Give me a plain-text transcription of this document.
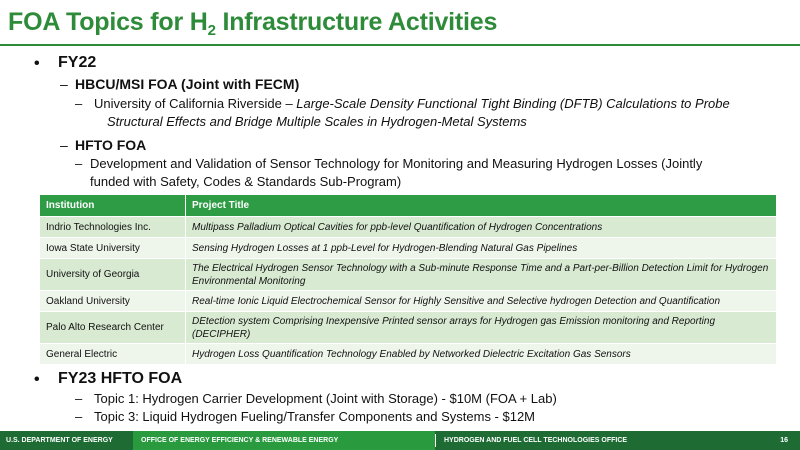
FOA Topics for $H_2$ Infrastructure Activities
• FY22
– HBCU/MSI FOA (Joint with FECM)
– University of California Riverside – Large-Scale Density Functional Tight Binding (DFTB) Calculations to Probe
Structural Effects and Bridge Multiple Scales in Hydrogen-Metal Systems
– HFTO FOA
– Development and Validation of Sensor Technology for Monitoring and Measuring Hydrogen Losses (Jointly
funded with Safety, Codes & Standards Sub-Program)
Institution	Project Title
Indrio Technologies Inc.	Multipass Palladium Optical Cavities for ppb-level Quantification of Hydrogen Concentrations
Iowa State University	Sensing Hydrogen Losses at 1 ppb-Level for Hydrogen-Blending Natural Gas Pipelines
University of Georgia	The Electrical Hydrogen Sensor Technology with a Sub-minute Response Time and a Part-per-Billion Detection Limit for Hydrogen Environmental Monitoring
Oakland University	Real-time Ionic Liquid Electrochemical Sensor for Highly Sensitive and Selective hydrogen Detection and Quantification
Palo Alto Research Center	DEtection system Comprising Inexpensive Printed sensor arrays for Hydrogen gas Emission monitoring and Reporting (DECIPHER)
General Electric	Hydrogen Loss Quantification Technology Enabled by Networked Dielectric Excitation Gas Sensors
• FY23 HFTO FOA
– Topic 1: Hydrogen Carrier Development (Joint with Storage) - $10M (FOA + Lab)
– Topic 3: Liquid Hydrogen Fueling/Transfer Components and Systems - $12M
U.S. DEPARTMENT OF ENERGY	OFFICE OF ENERGY EFFICIENCY & RENEWABLE ENERGY	HYDROGEN AND FUEL CELL TECHNOLOGIES OFFICE	16
